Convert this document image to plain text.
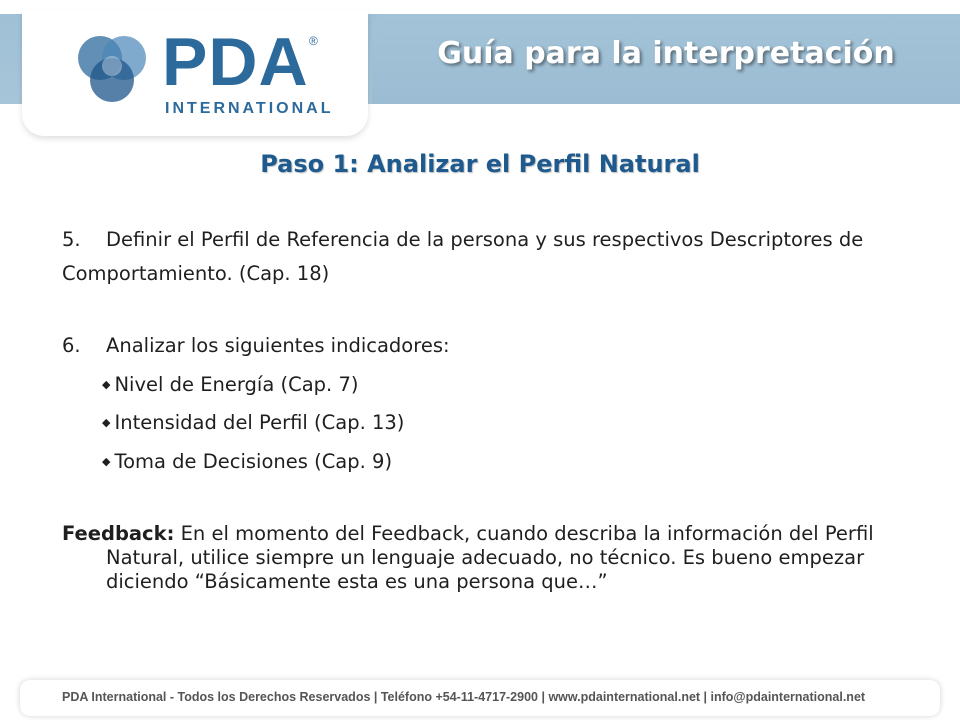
PDA ®
INTERNATIONAL
Guía para la interpretación
Paso 1: Analizar el Perfil Natural
5. Definir el Perfil de Referencia de la persona y sus respectivos Descriptores de Comportamiento. (Cap. 18)
6. Analizar los siguientes indicadores:
◆ Nivel de Energía (Cap. 7)
◆ Intensidad del Perfil (Cap. 13)
◆ Toma de Decisiones (Cap. 9)
Feedback: En el momento del Feedback, cuando describa la información del Perfil Natural, utilice siempre un lenguaje adecuado, no técnico. Es bueno empezar diciendo “Básicamente esta es una persona que…”
PDA International - Todos los Derechos Reservados | Teléfono +54-11-4717-2900 | www.pdainternational.net | info@pdainternational.net
